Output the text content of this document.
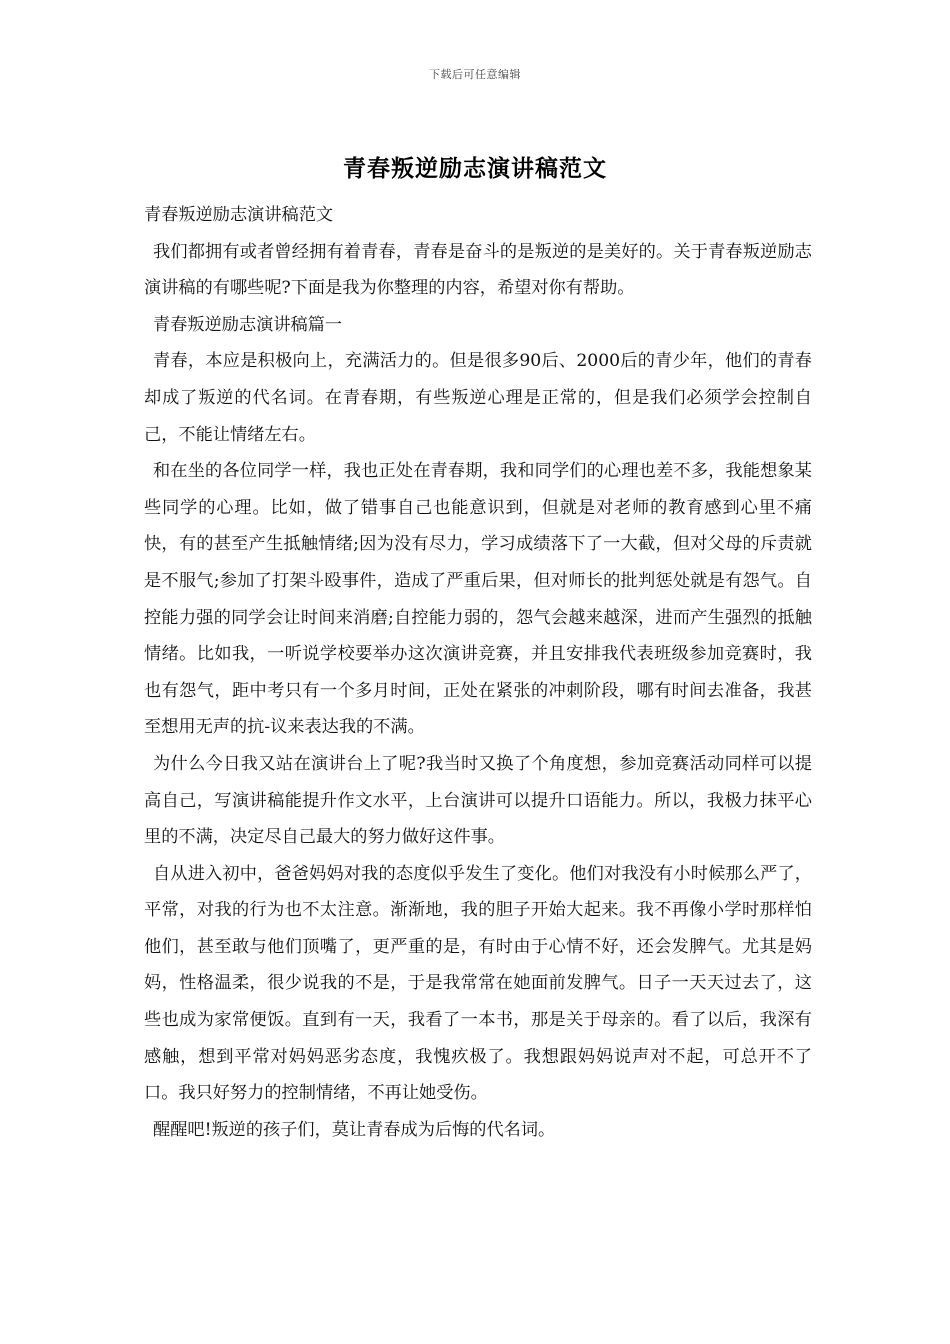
下载后可任意编辑
青春叛逆励志演讲稿范文

青春叛逆励志演讲稿范文

我们都拥有或者曾经拥有着青春，青春是奋斗的是叛逆的是美好的。关于青春叛逆励志演讲稿的有哪些呢?下面是我为你整理的内容，希望对你有帮助。

青春叛逆励志演讲稿篇一

青春，本应是积极向上，充满活力的。但是很多90后、2000后的青少年，他们的青春却成了叛逆的代名词。在青春期，有些叛逆心理是正常的，但是我们必须学会控制自己，不能让情绪左右。

和在坐的各位同学一样，我也正处在青春期，我和同学们的心理也差不多，我能想象某些同学的心理。比如，做了错事自己也能意识到，但就是对老师的教育感到心里不痛快，有的甚至产生抵触情绪;因为没有尽力，学习成绩落下了一大截，但对父母的斥责就是不服气;参加了打架斗殴事件，造成了严重后果，但对师长的批判惩处就是有怨气。自控能力强的同学会让时间来消磨;自控能力弱的，怨气会越来越深，进而产生强烈的抵触情绪。比如我，一听说学校要举办这次演讲竞赛，并且安排我代表班级参加竞赛时，我也有怨气，距中考只有一个多月时间，正处在紧张的冲刺阶段，哪有时间去准备，我甚至想用无声的抗-议来表达我的不满。

为什么今日我又站在演讲台上了呢?我当时又换了个角度想，参加竞赛活动同样可以提高自己，写演讲稿能提升作文水平，上台演讲可以提升口语能力。所以，我极力抹平心里的不满，决定尽自己最大的努力做好这件事。

自从进入初中，爸爸妈妈对我的态度似乎发生了变化。他们对我没有小时候那么严了，平常，对我的行为也不太注意。渐渐地，我的胆子开始大起来。我不再像小学时那样怕他们，甚至敢与他们顶嘴了，更严重的是，有时由于心情不好，还会发脾气。尤其是妈妈，性格温柔，很少说我的不是，于是我常常在她面前发脾气。日子一天天过去了，这些也成为家常便饭。直到有一天，我看了一本书，那是关于母亲的。看了以后，我深有感触，想到平常对妈妈恶劣态度，我愧疚极了。我想跟妈妈说声对不起，可总开不了口。我只好努力的控制情绪，不再让她受伤。

醒醒吧!叛逆的孩子们，莫让青春成为后悔的代名词。
